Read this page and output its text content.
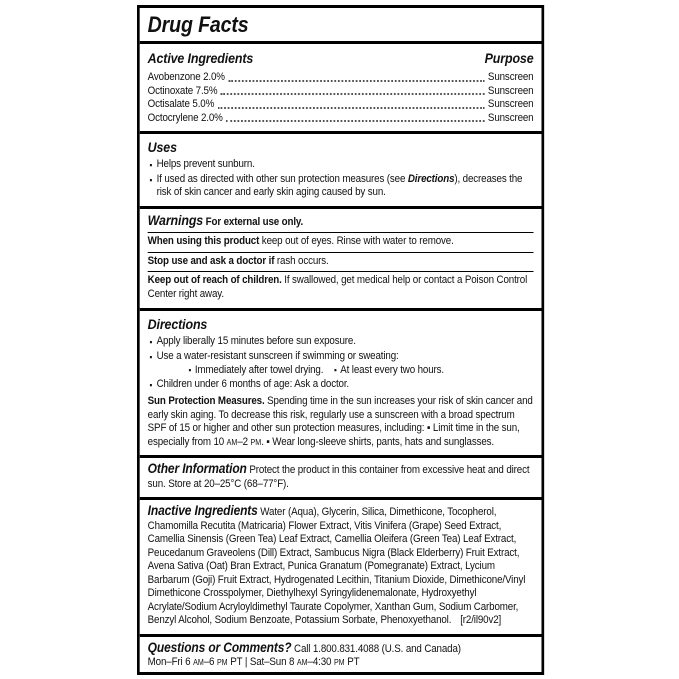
Drug Facts
Active Ingredients	Purpose
Avobenzone 2.0%	Sunscreen
Octinoxate 7.5%	Sunscreen
Octisalate 5.0%	Sunscreen
Octocrylene 2.0%	Sunscreen
Uses
▪ Helps prevent sunburn.
▪ If used as directed with other sun protection measures (see Directions), decreases the risk of skin cancer and early skin aging caused by sun.
Warnings For external use only.
When using this product keep out of eyes. Rinse with water to remove.
Stop use and ask a doctor if rash occurs.
Keep out of reach of children. If swallowed, get medical help or contact a Poison Control Center right away.
Directions
▪ Apply liberally 15 minutes before sun exposure.
▪ Use a water-resistant sunscreen if swimming or sweating:
▪ Immediately after towel drying. ▪ At least every two hours.
▪ Children under 6 months of age: Ask a doctor.
Sun Protection Measures. Spending time in the sun increases your risk of skin cancer and early skin aging. To decrease this risk, regularly use a sunscreen with a broad spectrum SPF of 15 or higher and other sun protection measures, including: ▪ Limit time in the sun, especially from 10 AM–2 PM. ▪ Wear long-sleeve shirts, pants, hats and sunglasses.
Other Information Protect the product in this container from excessive heat and direct sun. Store at 20–25°C (68–77°F).
Inactive Ingredients Water (Aqua), Glycerin, Silica, Dimethicone, Tocopherol, Chamomilla Recutita (Matricaria) Flower Extract, Vitis Vinifera (Grape) Seed Extract, Camellia Sinensis (Green Tea) Leaf Extract, Camellia Oleifera (Green Tea) Leaf Extract, Peucedanum Graveolens (Dill) Extract, Sambucus Nigra (Black Elderberry) Fruit Extract, Avena Sativa (Oat) Bran Extract, Punica Granatum (Pomegranate) Extract, Lycium Barbarum (Goji) Fruit Extract, Hydrogenated Lecithin, Titanium Dioxide, Dimethicone/Vinyl Dimethicone Crosspolymer, Diethylhexyl Syringylidenemalonate, Hydroxyethyl Acrylate/Sodium Acryloyldimethyl Taurate Copolymer, Xanthan Gum, Sodium Carbomer, Benzyl Alcohol, Sodium Benzoate, Potassium Sorbate, Phenoxyethanol. [r2/il90v2]
Questions or Comments? Call 1.800.831.4088 (U.S. and Canada)
Mon–Fri 6 AM–6 PM PT | Sat–Sun 8 AM–4:30 PM PT
